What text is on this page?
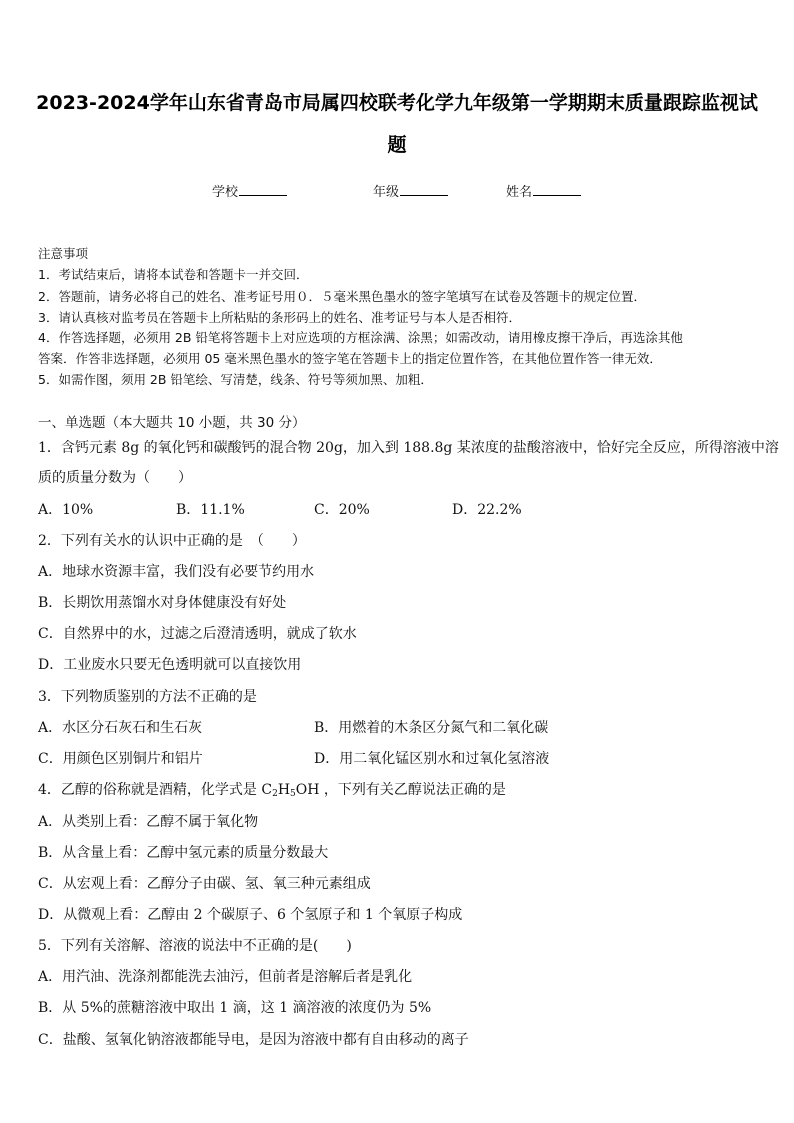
2023-2024学年山东省青岛市局属四校联考化学九年级第一学期期末质量跟踪监视试
题
学校	年级	姓名
注意事项
1．考试结束后，请将本试卷和答题卡一并交回．
2．答题前，请务必将自己的姓名、准考证号用０．５毫米黑色墨水的签字笔填写在试卷及答题卡的规定位置．
3．请认真核对监考员在答题卡上所粘贴的条形码上的姓名、准考证号与本人是否相符．
4．作答选择题，必须用 2B 铅笔将答题卡上对应选项的方框涂满、涂黑；如需改动，请用橡皮擦干净后，再选涂其他
答案．作答非选择题，必须用 05 毫米黑色墨水的签字笔在答题卡上的指定位置作答，在其他位置作答一律无效．
5．如需作图，须用 2B 铅笔绘、写清楚，线条、符号等须加黑、加粗．
一、单选题（本大题共 10 小题，共 30 分）
1．含钙元素 8g 的氧化钙和碳酸钙的混合物 20g，加入到 188.8g 某浓度的盐酸溶液中，恰好完全反应，所得溶液中溶
质的质量分数为（　　）
A．10%	B．11.1%	C．20%	D．22.2%
2．下列有关水的认识中正确的是　（　　）
A．地球水资源丰富，我们没有必要节约用水
B．长期饮用蒸馏水对身体健康没有好处
C．自然界中的水，过滤之后澄清透明，就成了软水
D．工业废水只要无色透明就可以直接饮用
3．下列物质鉴别的方法不正确的是
A．水区分石灰石和生石灰	B．用燃着的木条区分氮气和二氧化碳
C．用颜色区别铜片和铝片	D．用二氧化锰区别水和过氧化氢溶液
4．乙醇的俗称就是酒精，化学式是 $C_2H_5OH$ ，下列有关乙醇说法正确的是
A．从类别上看：乙醇不属于氧化物
B．从含量上看：乙醇中氢元素的质量分数最大
C．从宏观上看：乙醇分子由碳、氢、氧三种元素组成
D．从微观上看：乙醇由 2 个碳原子、6 个氢原子和 1 个氧原子构成
5．下列有关溶解、溶液的说法中不正确的是(　　)
A．用汽油、洗涤剂都能洗去油污，但前者是溶解后者是乳化
B．从 5%的蔗糖溶液中取出 1 滴，这 1 滴溶液的浓度仍为 5%
C．盐酸、氢氧化钠溶液都能导电，是因为溶液中都有自由移动的离子
